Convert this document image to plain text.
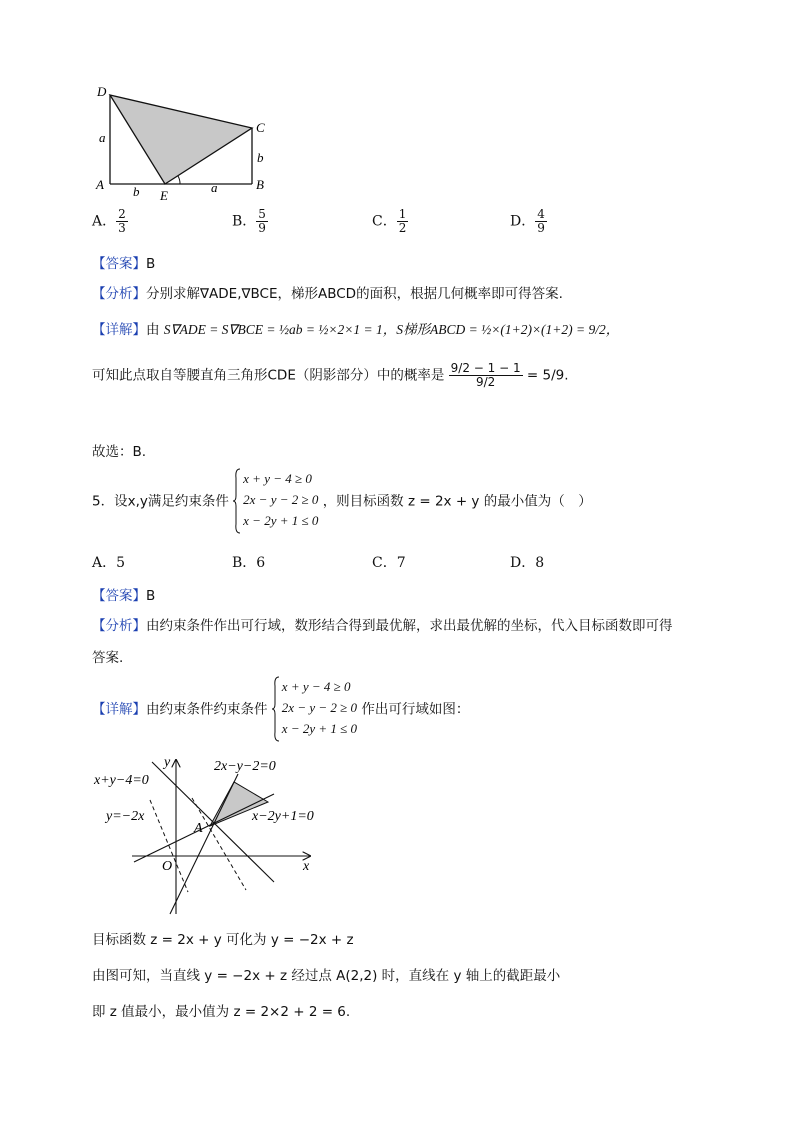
D
C
A	B
E
a
b
b	a
A． $\frac{2}{3}$	B． $\frac{5}{9}$	C． $\frac{1}{2}$	D． $\frac{4}{9}$
【答案】B
【分析】分别求解∇ADE,∇BCE，梯形ABCD的面积，根据几何概率即可得答案.
【详解】由 S∇ADE = S∇BCE = ½ab = ½×2×1 = 1，S梯形ABCD = ½×(1+2)×(1+2) = 9/2，
可知此点取自等腰直角三角形CDE（阴影部分）中的概率是 $\frac{9/2 - 1 - 1}{9/2} = 5/9$.
故选：B.
5．设x,y满足约束条件
x + y − 4 ≥ 0
2x − y − 2 ≥ 0
x − 2y + 1 ≤ 0
，则目标函数 z = 2x + y 的最小值为（　）
A．5	B．6	C．7	D．8
【答案】B
【分析】由约束条件作出可行域，数形结合得到最优解，求出最优解的坐标，代入目标函数即可得
答案.
【详解】由约束条件约束条件
x + y − 4 ≥ 0
2x − y − 2 ≥ 0
x − 2y + 1 ≤ 0
作出可行域如图：
y
x
O
A
x+y−4=0
2x−y−2=0
x−2y+1=0
y=−2x
目标函数 z = 2x + y 可化为 y = −2x + z
由图可知，当直线 y = −2x + z 经过点 A(2,2) 时，直线在 y 轴上的截距最小
即 z 值最小，最小值为 z = 2×2 + 2 = 6.
